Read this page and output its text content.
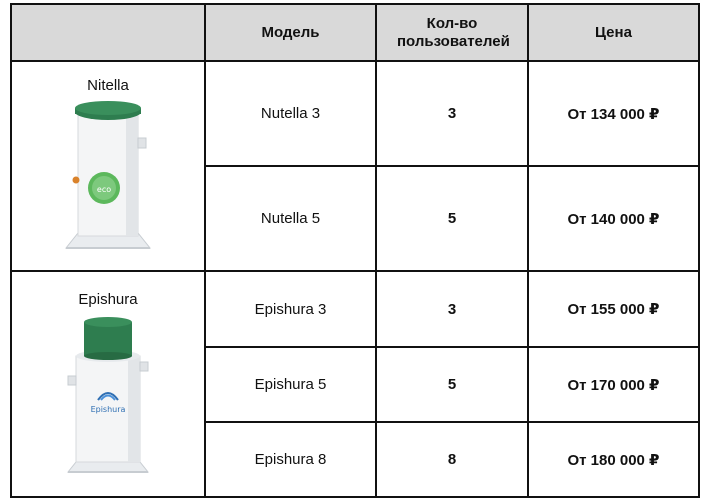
	Модель	Кол-во пользователей	Цена

Nitella
eco	Nutella 3	3	От 134 000 ₽
	Nutella 5	5	От 140 000 ₽

Epishura
Epishura	Epishura 3	3	От 155 000 ₽
	Epishura 5	5	От 170 000 ₽
	Epishura 8	8	От 180 000 ₽
